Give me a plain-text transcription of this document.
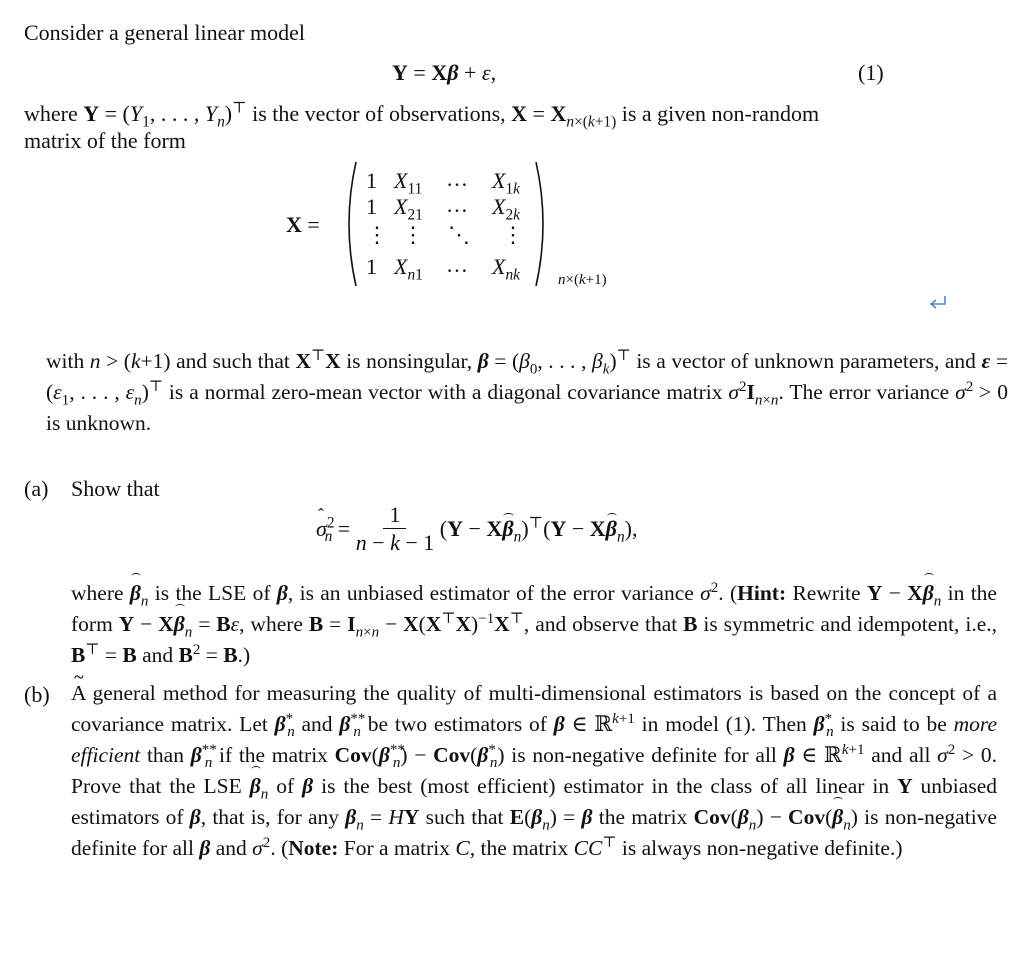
Consider a general linear model
Y = Xβ + ε,	(1)
where $Y = (Y_1$, . . . , $Y_n)^⊤$ is the vector of observations, $X = X_{n\times(k+1)}$ is a given non-random
matrix of the form
X =
1 $X_{11}$ … $X_{1k}$
1 $X_{21}$ … $X_{2k}$
⋮ ⋮ ⋱ ⋮
1 $X_{n1}$ … $X_{nk}$	n×(k+1)
with n > (k+1) and such that X⊤X is nonsingular, $\beta = (\beta_0$, . . . , $\beta_k)^⊤$ is a vector of unknown parameters, and $\varepsilon = (\varepsilon_1$, . . . , $\varepsilon_n)^⊤$ is a normal zero-mean vector with a diagonal covariance matrix $\sigma^2I_{n\times n}$. The error variance $\sigma^2 > 0$ is unknown.
(a) Show that
ˆ $\sigma^2_n = \frac{1}{n - k - 1} (Y - X\beta_n)^⊤(Y - X\beta_n)$,
where $\beta_n$ is the LSE of β, is an unbiased estimator of the error variance $\sigma^2$. (Hint: Rewrite $Y - X\beta_n$ in the form $Y - X\beta_n = B\varepsilon$, where $B = I_{n\times n} - X(X^⊤X)^{-1}X^⊤$, and observe that B is symmetric and idempotent, i.e., B⊤ = B and $B^2 = B$.)
(b) A general method for measuring the quality of multi-dimensional estimators is based on the concept of a covariance matrix. Let $\beta^*_n$ and $\beta^{**}_n$ be two estimators of β ∈ ℝ$^{k+1}$ in model (1). Then $\beta^*_n$ is said to be more efficient than $\beta^{**}_n$ if the matrix $Cov(\beta^{**}_n) - Cov(\beta^*_n)$ is non-negative definite for all β ∈ ℝ$^{k+1}$ and all $\sigma^2 > 0$. Prove that the LSE $\beta_n$ of β is the best (most efficient) estimator in the class of all linear in Y unbiased estimators of β, that is, for any ~ $\beta_n$ = HY such that E(~ $\beta_n) = \beta$ the matrix Cov(~ $\beta_n) - Cov(\beta_n)$ is non-negative definite for all β and $\sigma^2$. (Note: For a matrix C, the matrix CC⊤ is always non-negative definite.)
